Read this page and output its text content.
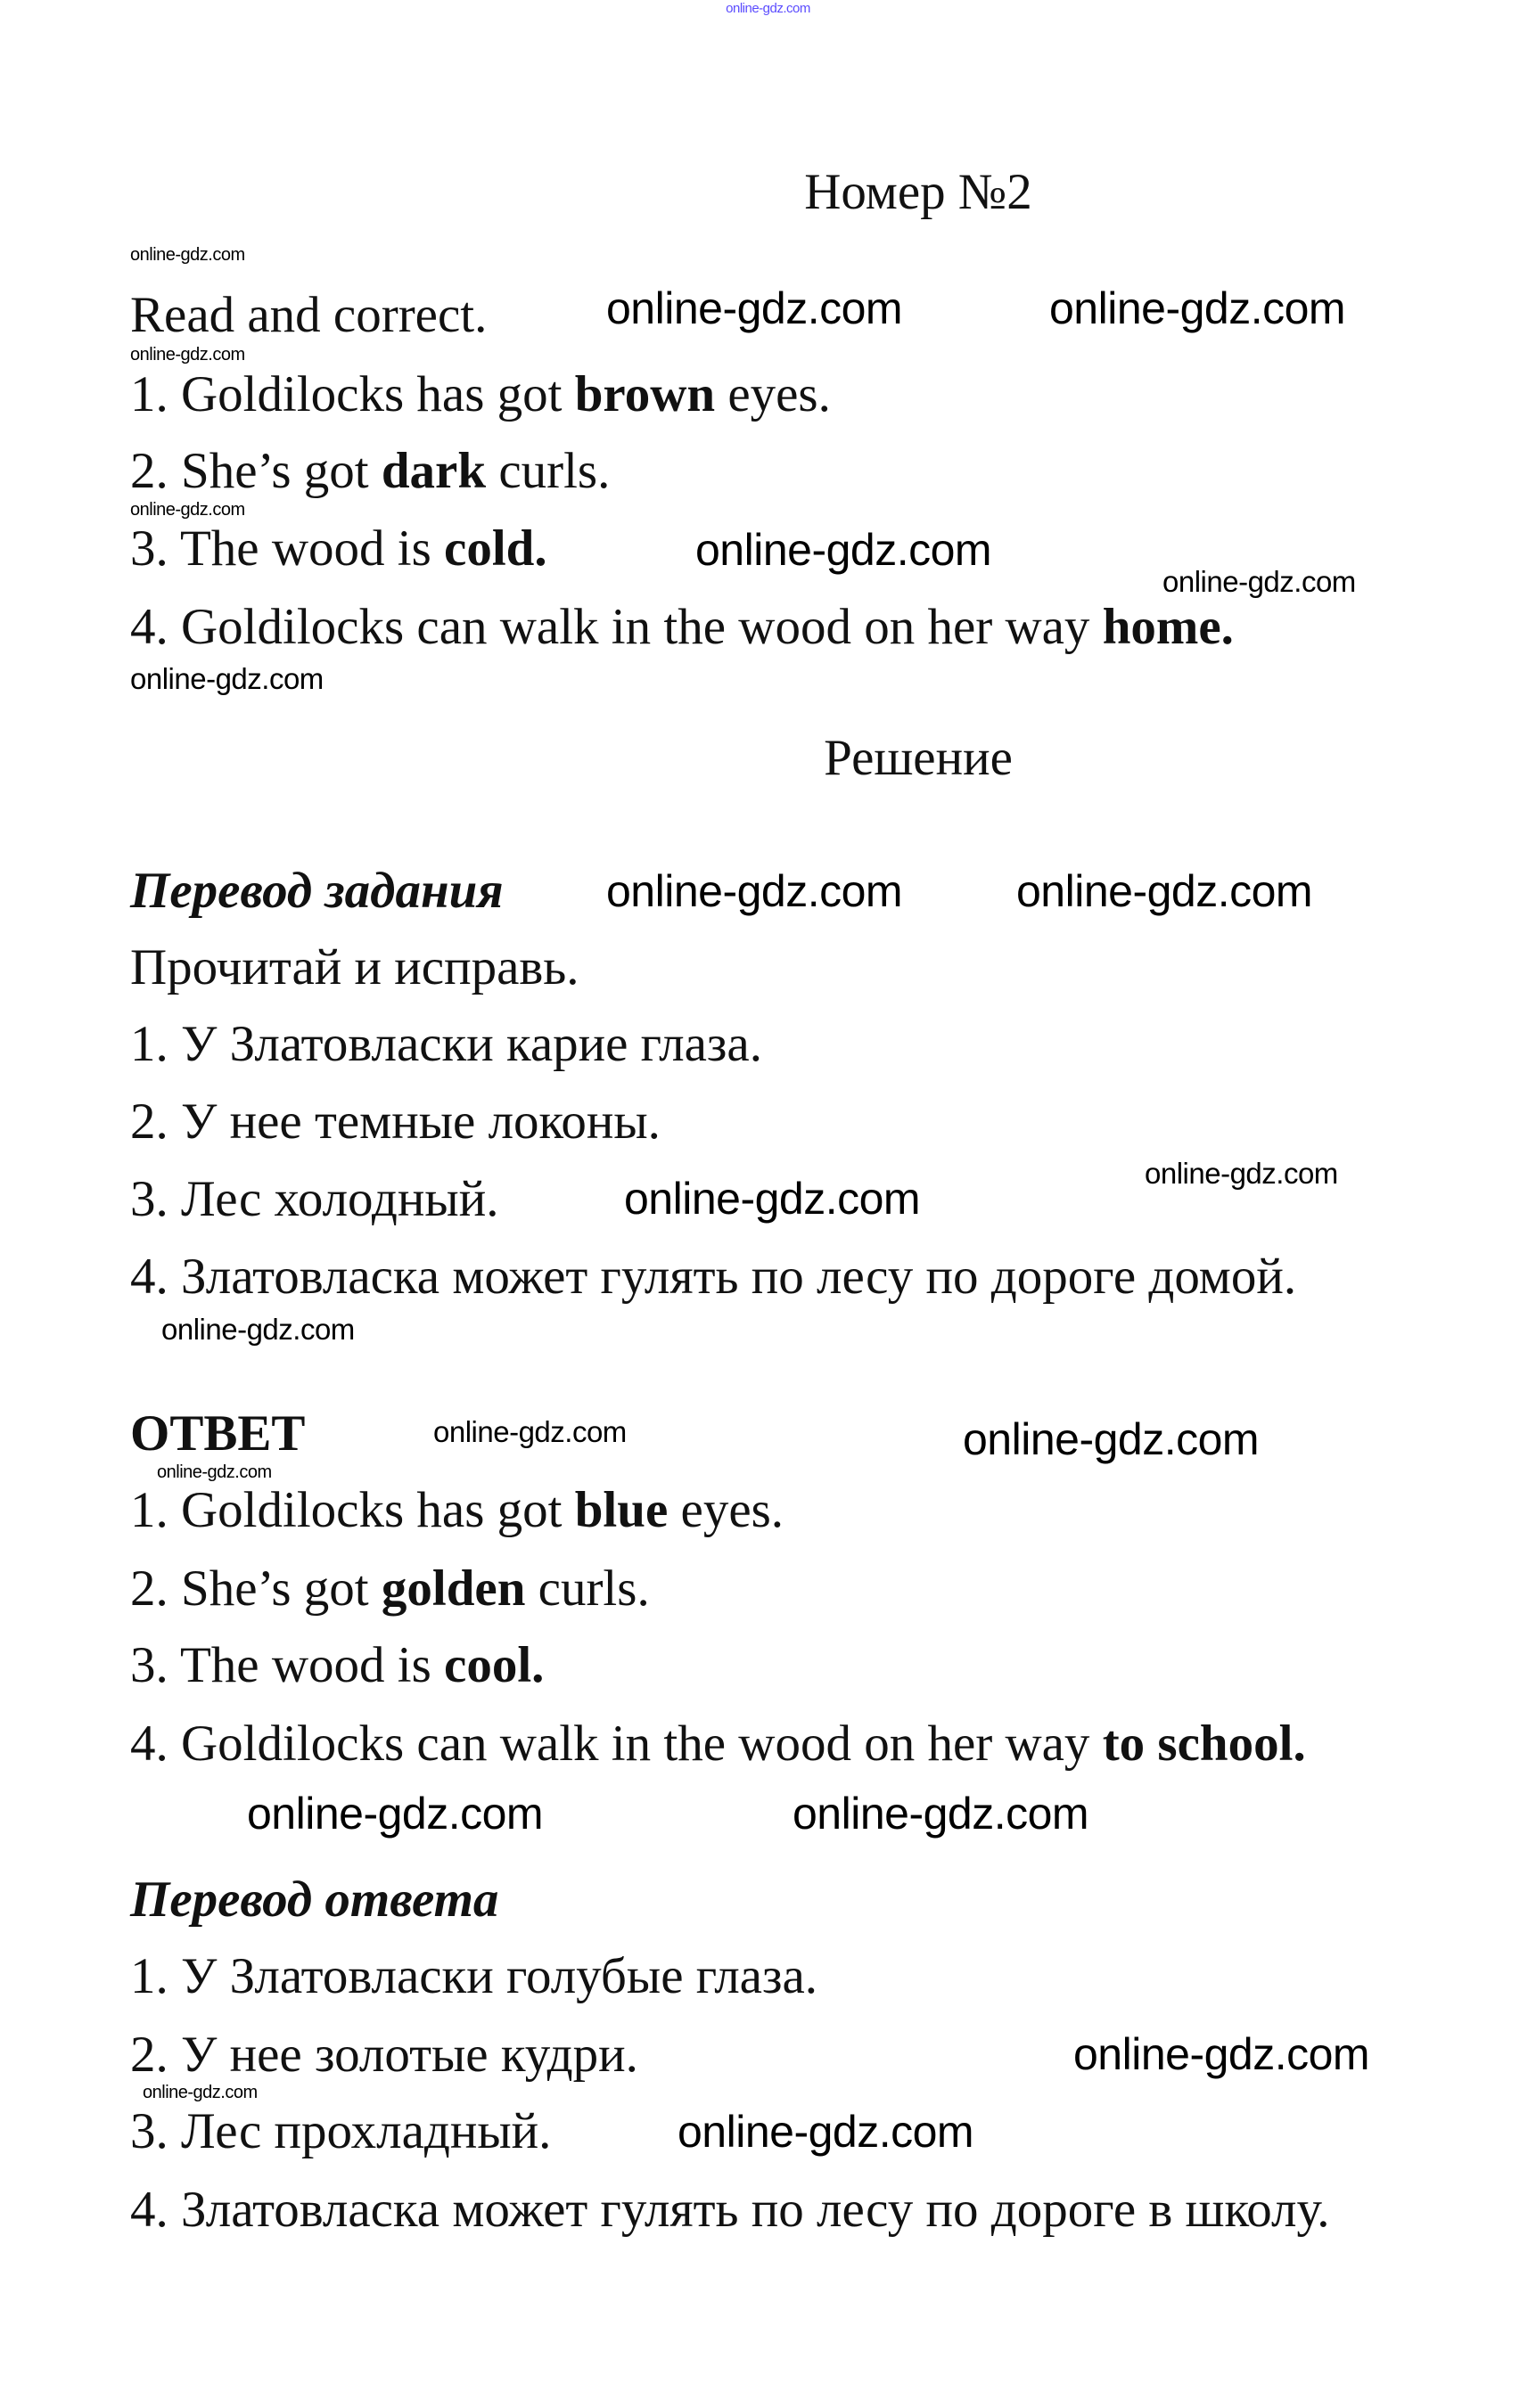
online-gdz.com
Номер №2
Read and correct.
1. Goldilocks has got brown eyes.
2. She’s got dark curls.
3. The wood is cold.
4. Goldilocks can walk in the wood on her way home.
Решение
Перевод задания
Прочитай и исправь.
1. У Златовласки карие глаза.
2. У нее темные локоны.
3. Лес холодный.
4. Златовласка может гулять по лесу по дороге домой.
ОТВЕТ
1. Goldilocks has got blue eyes.
2. She’s got golden curls.
3. The wood is cool.
4. Goldilocks can walk in the wood on her way to school.
Перевод ответа
1. У Златовласки голубые глаза.
2. У нее золотые кудри.
3. Лес прохладный.
4. Златовласка может гулять по лесу по дороге в школу.
online-gdz.com
online-gdz.com
online-gdz.com
online-gdz.com
online-gdz.com
online-gdz.com
online-gdz.com
online-gdz.com
online-gdz.com
online-gdz.com
online-gdz.com	online-gdz.com
online-gdz.com
online-gdz.com	online-gdz.com
online-gdz.com
online-gdz.com
online-gdz.com	online-gdz.com
online-gdz.com
online-gdz.com
